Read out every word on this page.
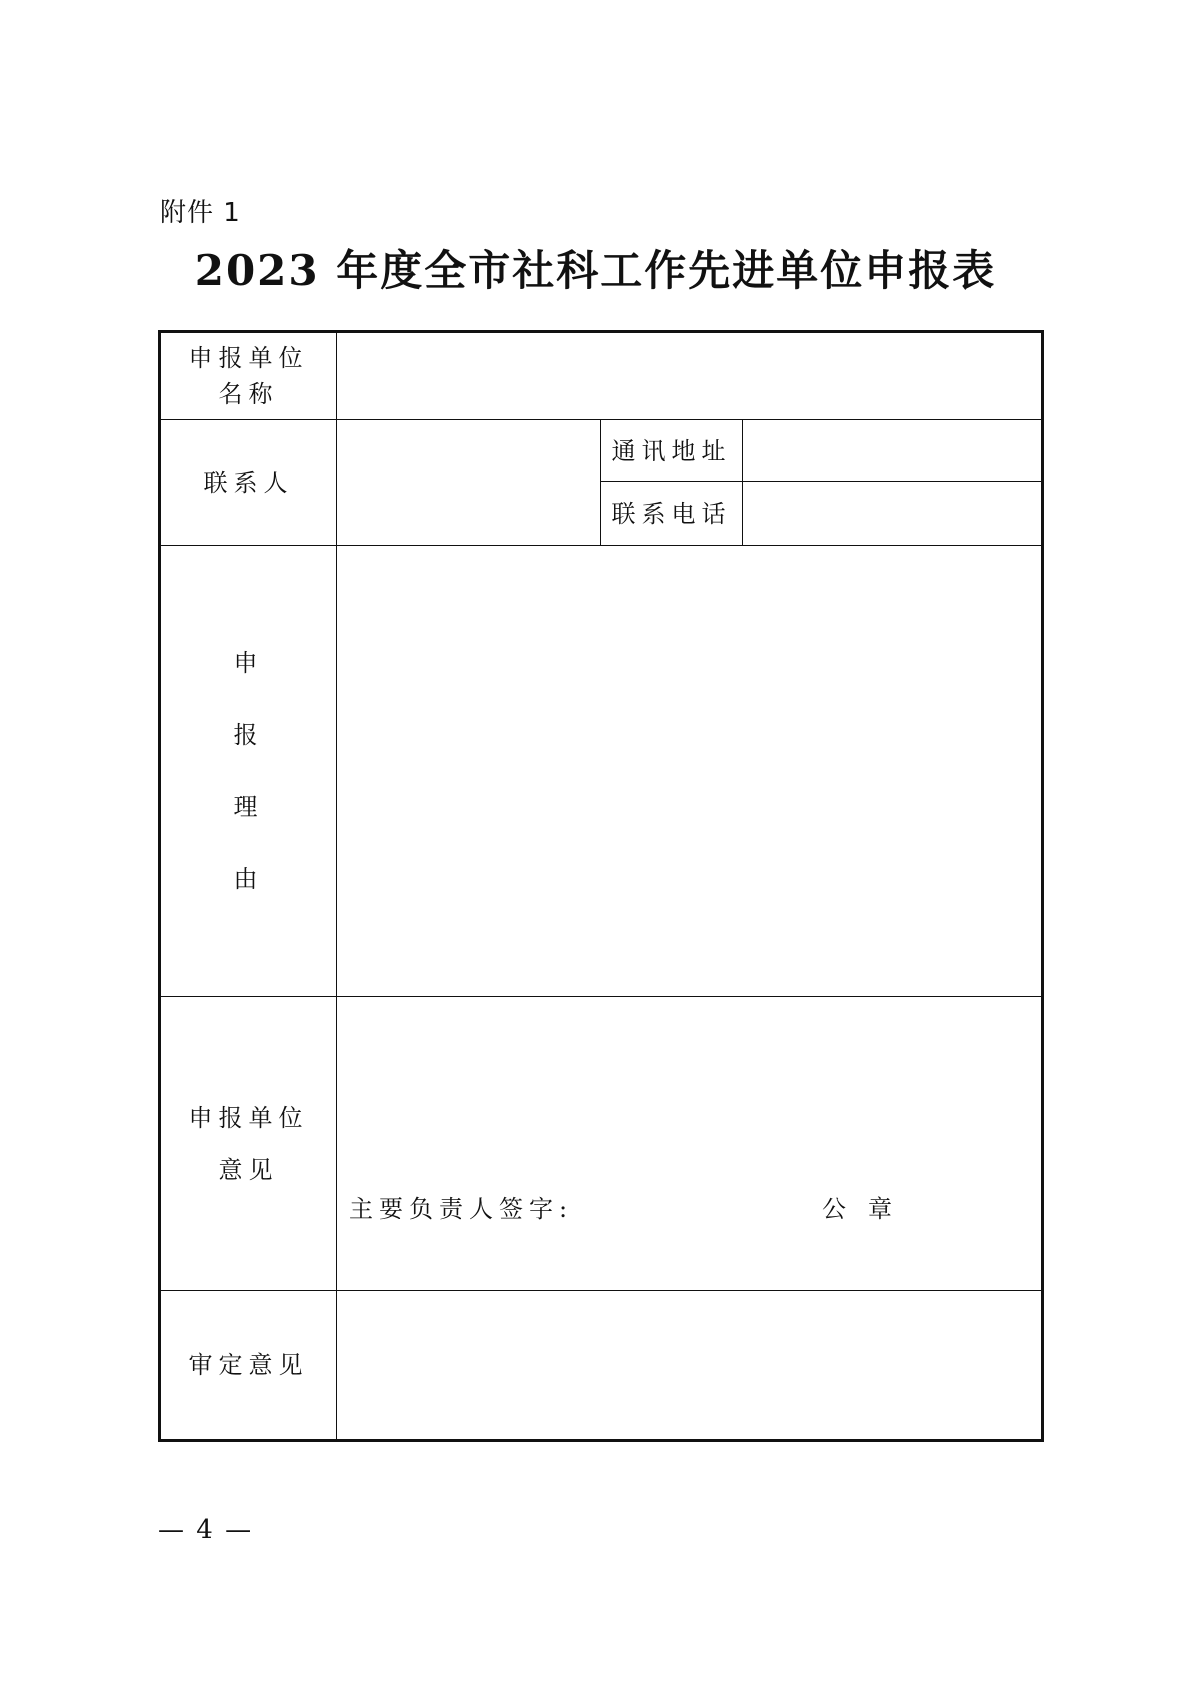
附件 1
2023 年度全市社科工作先进单位申报表
申报单位
名称			
联系人		通讯地址	
		联系电话	

申
报
理
由			

申报单位
意见	主要负责人签字: 公章		

审定意见			
— 4 —
